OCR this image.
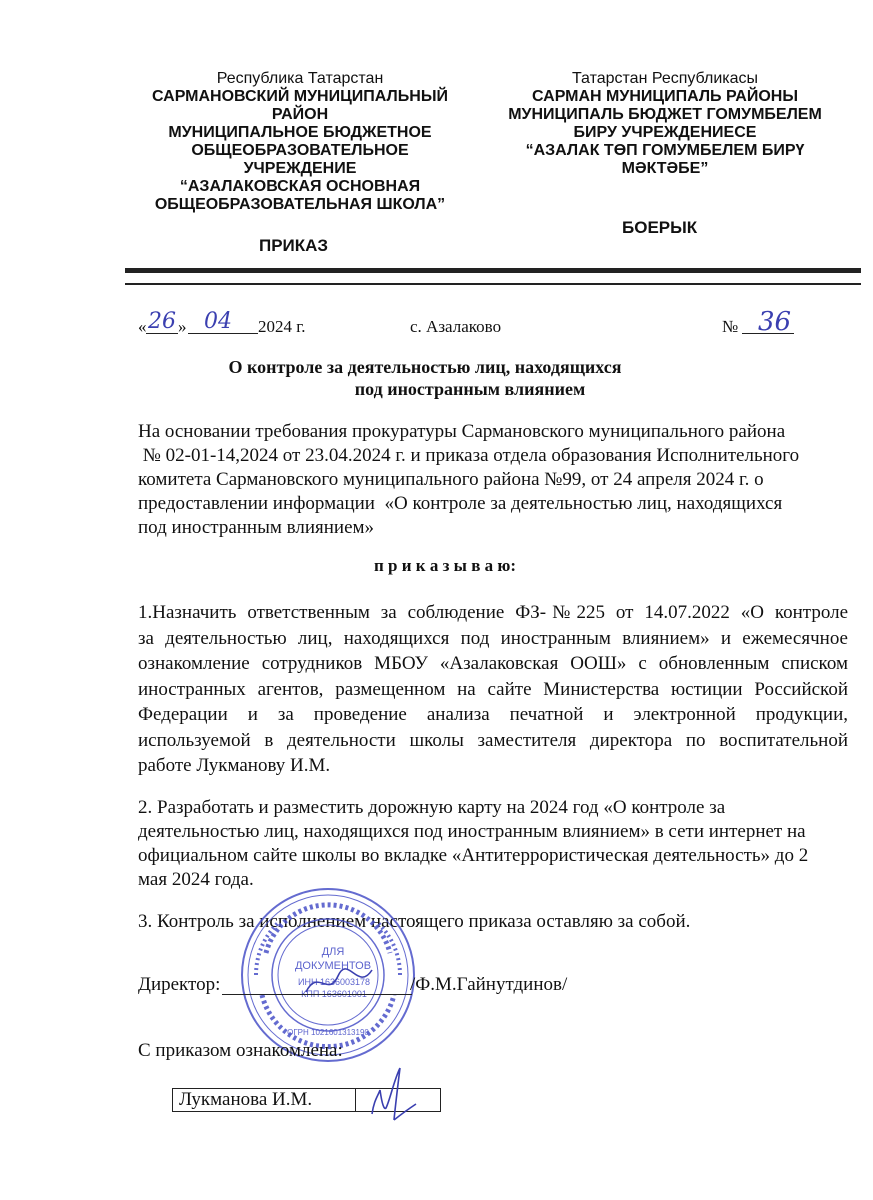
Республика Татарстан
САРМАНОВСКИЙ МУНИЦИПАЛЬНЫЙ
РАЙОН
МУНИЦИПАЛЬНОЕ БЮДЖЕТНОЕ
ОБЩЕОБРАЗОВАТЕЛЬНОЕ
УЧРЕЖДЕНИЕ
“АЗАЛАКОВСКАЯ ОСНОВНАЯ
ОБЩЕОБРАЗОВАТЕЛЬНАЯ ШКОЛА”
ПРИКАЗ
Татарстан Республикасы
САРМАН МУНИЦИПАЛЬ РАЙОНЫ
МУНИЦИПАЛЬ БЮДЖЕТ ГОМУМБЕЛЕМ
БИРУ УЧРЕЖДЕНИЕСЕ
“АЗАЛАК ТӨП ГОМУМБЕЛЕМ БИРҮ
МӘКТӘБЕ”
БОЕРЫК
« 26 » 04 2024 г.	с. Азалаково	№ 36
О контроле за деятельностью лиц, находящихся
под иностранным влиянием
На основании требования прокуратуры Сармановского муниципального района
№ 02-01-14,2024 от 23.04.2024 г. и приказа отдела образования Исполнительного
комитета Сармановского муниципального района №99, от 24 апреля 2024 г. о
предоставлении информации  «О контроле за деятельностью лиц, находящихся
под иностранным влиянием»
п р и к а з ы в а ю:
1.Назначить ответственным за соблюдение ФЗ-№225 от 14.07.2022 «О контроле
за деятельностью лиц, находящихся под иностранным влиянием» и ежемесячное
ознакомление сотрудников МБОУ «Азалаковская ООШ» с обновленным списком
иностранных агентов, размещенном на сайте Министерства юстиции Российской
Федерации и за проведение анализа печатной и электронной продукции,
используемой в деятельности школы заместителя директора по воспитательной
работе Лукманову И.М.
2. Разработать и разместить дорожную карту на 2024 год «О контроле за
деятельностью лиц, находящихся под иностранным влиянием» в сети интернет на
официальном сайте школы во вкладке «Антитеррористическая деятельность» до 2
мая 2024 года.
3. Контроль за исполнением настоящего приказа оставляю за собой.
ДЛЯ
ДОКУМЕНТОВ
ИНН 1636003178
КПП 163601001
ОГРН 1021601313190
Директор:	/Ф.М.Гайнутдинов/
С приказом ознакомлена:
Лукманова И.М.	
